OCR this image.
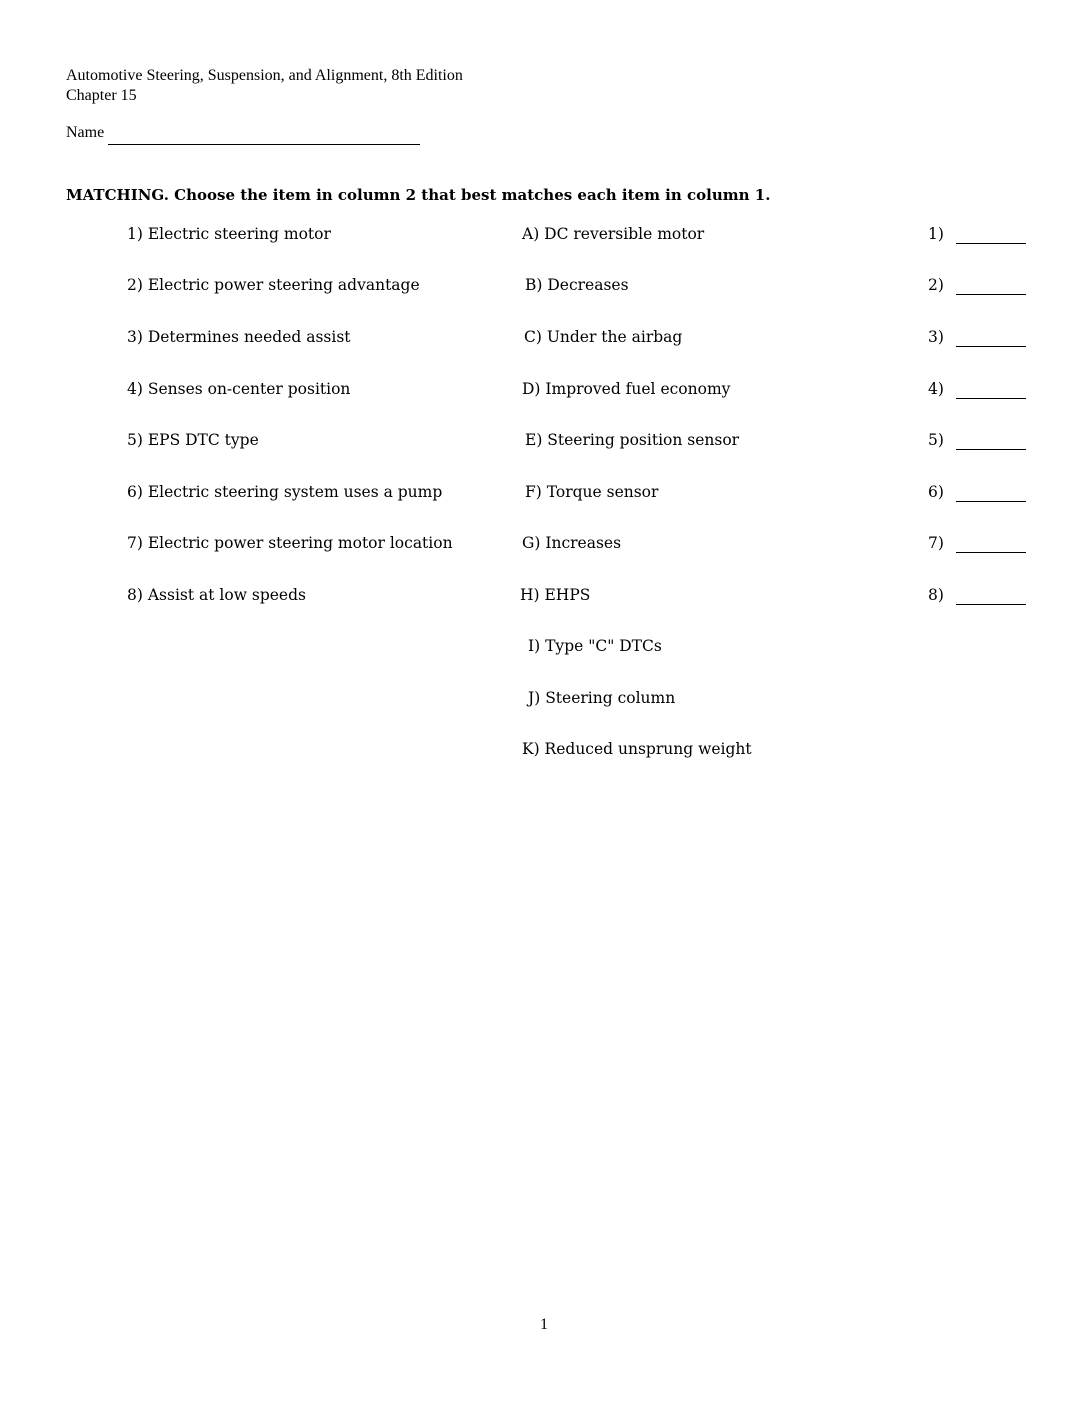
Automotive Steering, Suspension, and Alignment, 8th Edition
Chapter 15
Name
MATCHING. Choose the item in column 2 that best matches each item in column 1.
1) Electric steering motor
2) Electric power steering advantage
3) Determines needed assist
4) Senses on-center position
5) EPS DTC type
6) Electric steering system uses a pump
7) Electric power steering motor location
8) Assist at low speeds
A) DC reversible motor
B) Decreases
C) Under the airbag
D) Improved fuel economy
E) Steering position sensor
F) Torque sensor
G) Increases
H) EHPS
I) Type "C" DTCs
J) Steering column
K) Reduced unsprung weight
1)
2)
3)
4)
5)
6)
7)
8)
1
